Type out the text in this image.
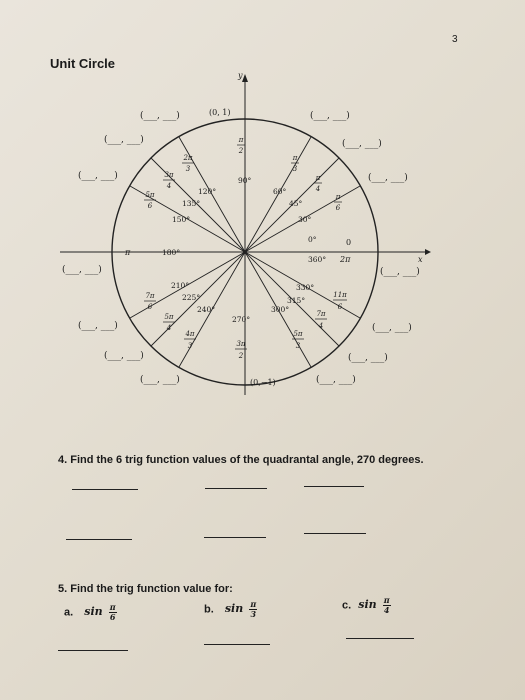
3
Unit Circle
x
y
(0, 1)
(0,−1)
0°
360°
30°
45°
60°
90°
120°
135°
150°
180°
210°
225°
240°
270°
300°
315°
330°
0
2π
π
π
2
π
3
π
4
π
6
2π
3
3π
4
5π
6
7π
6
5π
4
4π
3	3π
2
5π
3
7π
4
11π
6
(___, ___)
(___, ___)
(___, ___)
(___, ___)
(___, ___)
(___, ___)
(___, ___)
(___, ___)
(___, ___)
(___, ___)
(___, ___)
(___, ___)
(___, ___)
(___, ___)
4. Find the 6 trig function values of the quadrantal angle, 270 degrees.
5. Find the trig function value for:
a. $\sin \frac{\pi}{6}$	b. $\sin \frac{\pi}{3}$	c. $\sin \frac{\pi}{4}$
